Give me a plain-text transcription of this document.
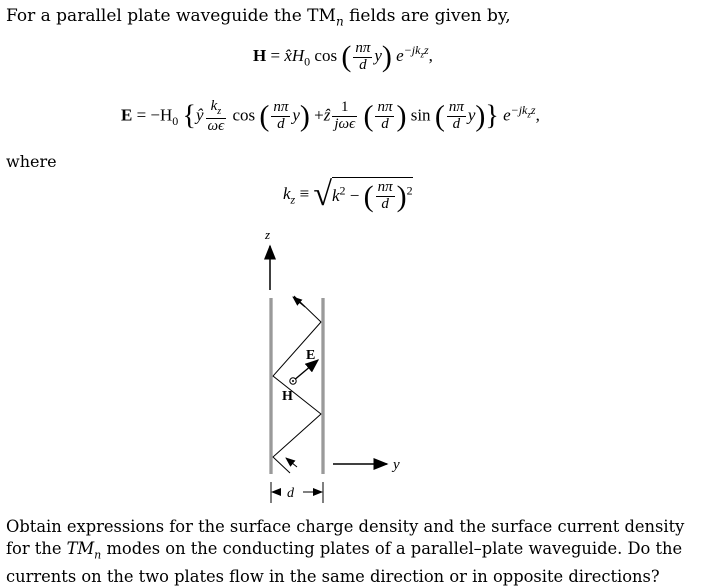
For a parallel plate waveguide the $TM_n$ fields are given by,
$H = x̂H_0$ cos ( $\frac{n\pi}{d} y$) $e^{-jk_zz}$,
$E = -H_0$ {ŷ $\frac{k_z}{\omega\epsilon}$ cos ( $\frac{n\pi}{d} y$) +ẑ $\frac{1}{\text{jωϵ}}$ ( $\frac{n\pi}{d}$ ) sin ( $\frac{n\pi}{d} y$)} $e^{-jk_zz}$,
where
$k_z \equiv √k^2$ − ( $\frac{n\pi}{d} )^2$
z
y
E
H
d
Obtain expressions for the surface charge density and the surface current density for the $TM_n$ modes on the conducting plates of a parallel–plate waveguide. Do the currents on the two plates flow in the same direction or in opposite directions?
